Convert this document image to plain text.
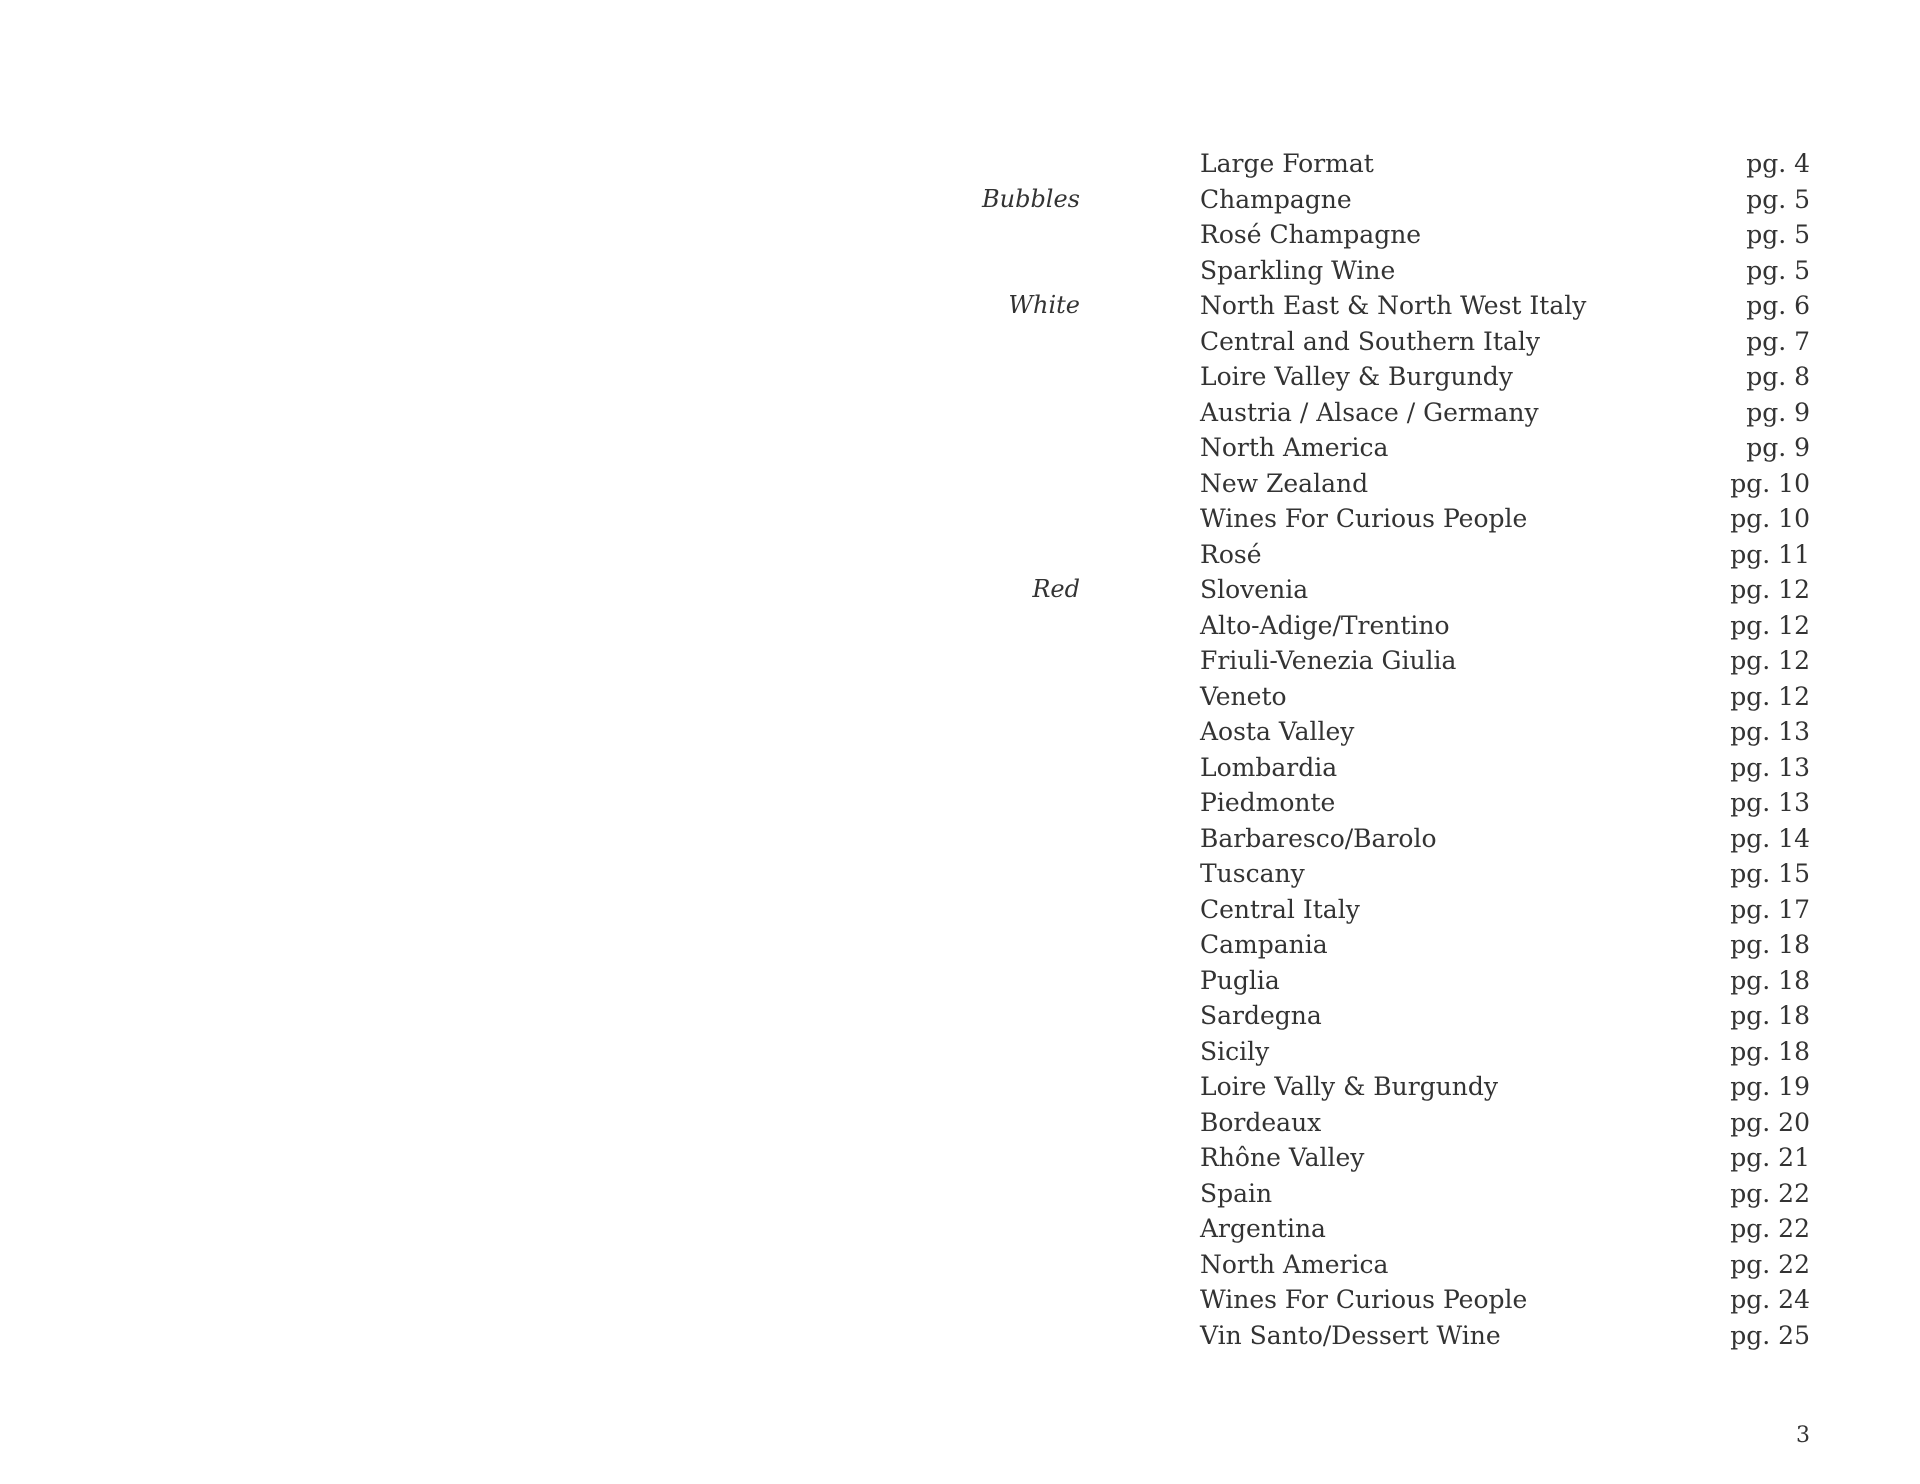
Large Format	pg. 4
Bubbles	Champagne	pg. 5
Rosé Champagne	pg. 5
Sparkling Wine	pg. 5
White	North East & North West Italy	pg. 6
Central and Southern Italy	pg. 7
Loire Valley & Burgundy	pg. 8
Austria / Alsace / Germany	pg. 9
North America	pg. 9
New Zealand	pg. 10
Wines For Curious People	pg. 10
Rosé	pg. 11
Red	Slovenia	pg. 12
Alto-Adige/Trentino	pg. 12
Friuli-Venezia Giulia	pg. 12
Veneto	pg. 12
Aosta Valley	pg. 13
Lombardia	pg. 13
Piedmonte	pg. 13
Barbaresco/Barolo	pg. 14
Tuscany	pg. 15
Central Italy	pg. 17
Campania	pg. 18
Puglia	pg. 18
Sardegna	pg. 18
Sicily	pg. 18
Loire Vally & Burgundy	pg. 19
Bordeaux	pg. 20
Rhône Valley	pg. 21
Spain	pg. 22
Argentina	pg. 22
North America	pg. 22
Wines For Curious People	pg. 24
Vin Santo/Dessert Wine	pg. 25
3
